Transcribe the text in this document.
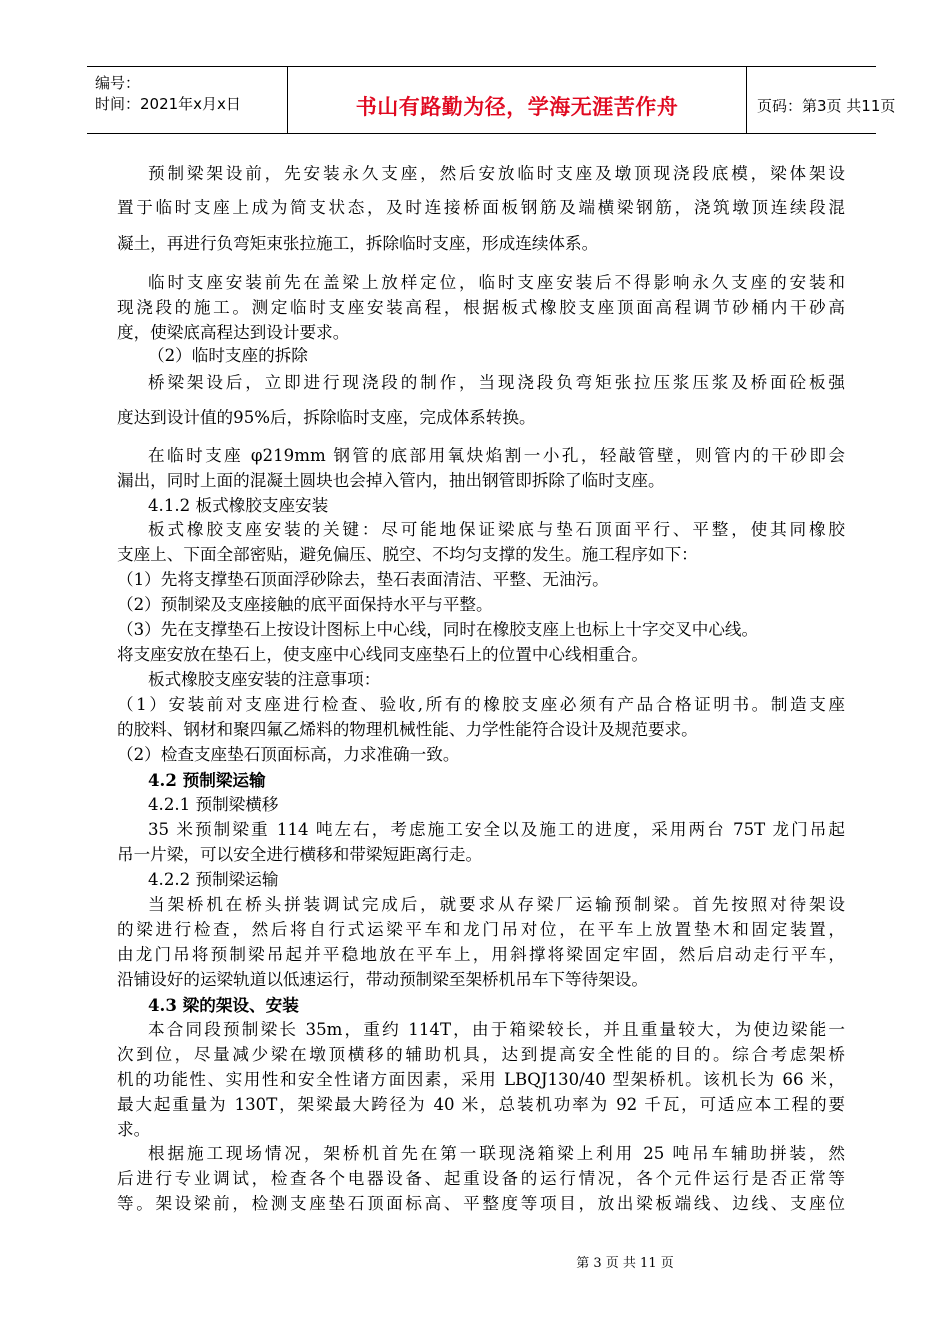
编号：
时间：2021年x月x日	书山有路勤为径，学海无涯苦作舟	页码：第3页 共11页
预制梁架设前，先安装永久支座，然后安放临时支座及墩顶现浇段底模，梁体架设
置于临时支座上成为简支状态，及时连接桥面板钢筋及端横梁钢筋，浇筑墩顶连续段混
凝土，再进行负弯矩束张拉施工，拆除临时支座，形成连续体系。
临时支座安装前先在盖梁上放样定位，临时支座安装后不得影响永久支座的安装和
现浇段的施工。测定临时支座安装高程，根据板式橡胶支座顶面高程调节砂桶内干砂高
度，使梁底高程达到设计要求。
（2）临时支座的拆除
桥梁架设后，立即进行现浇段的制作，当现浇段负弯矩张拉压浆压浆及桥面砼板强
度达到设计值的95%后，拆除临时支座，完成体系转换。
在临时支座 φ219mm 钢管的底部用氧炔焰割一小孔，轻敲管壁，则管内的干砂即会
漏出，同时上面的混凝土圆块也会掉入管内，抽出钢管即拆除了临时支座。
4.1.2 板式橡胶支座安装
板式橡胶支座安装的关键：尽可能地保证梁底与垫石顶面平行、平整，使其同橡胶
支座上、下面全部密贴，避免偏压、脱空、不均匀支撑的发生。施工程序如下：
（1）先将支撑垫石顶面浮砂除去，垫石表面清洁、平整、无油污。
（2）预制梁及支座接触的底平面保持水平与平整。
（3）先在支撑垫石上按设计图标上中心线，同时在橡胶支座上也标上十字交叉中心线。
将支座安放在垫石上，使支座中心线同支座垫石上的位置中心线相重合。
板式橡胶支座安装的注意事项：
（1）安装前对支座进行检查、验收,所有的橡胶支座必须有产品合格证明书。制造支座
的胶料、钢材和聚四氟乙烯料的物理机械性能、力学性能符合设计及规范要求。
（2）检查支座垫石顶面标高，力求准确一致。
4.2 预制梁运输
4.2.1 预制梁横移
35 米预制梁重 114 吨左右，考虑施工安全以及施工的进度，采用两台 75T 龙门吊起
吊一片梁，可以安全进行横移和带梁短距离行走。
4.2.2 预制梁运输
当架桥机在桥头拼装调试完成后，就要求从存梁厂运输预制梁。首先按照对待架设
的梁进行检查，然后将自行式运梁平车和龙门吊对位，在平车上放置垫木和固定装置，
由龙门吊将预制梁吊起并平稳地放在平车上，用斜撑将梁固定牢固，然后启动走行平车，
沿铺设好的运梁轨道以低速运行，带动预制梁至架桥机吊车下等待架设。
4.3 梁的架设、安装
本合同段预制梁长 35m，重约 114T，由于箱梁较长，并且重量较大，为使边梁能一
次到位，尽量减少梁在墩顶横移的辅助机具，达到提高安全性能的目的。综合考虑架桥
机的功能性、实用性和安全性诸方面因素，采用 LBQJ130/40 型架桥机。该机长为 66 米，
最大起重量为 130T，架梁最大跨径为 40 米，总装机功率为 92 千瓦，可适应本工程的要
求。
根据施工现场情况，架桥机首先在第一联现浇箱梁上利用 25 吨吊车辅助拼装，然
后进行专业调试，检查各个电器设备、起重设备的运行情况，各个元件运行是否正常等
等。架设梁前，检测支座垫石顶面标高、平整度等项目，放出梁板端线、边线、支座位
第 3 页 共 11 页
